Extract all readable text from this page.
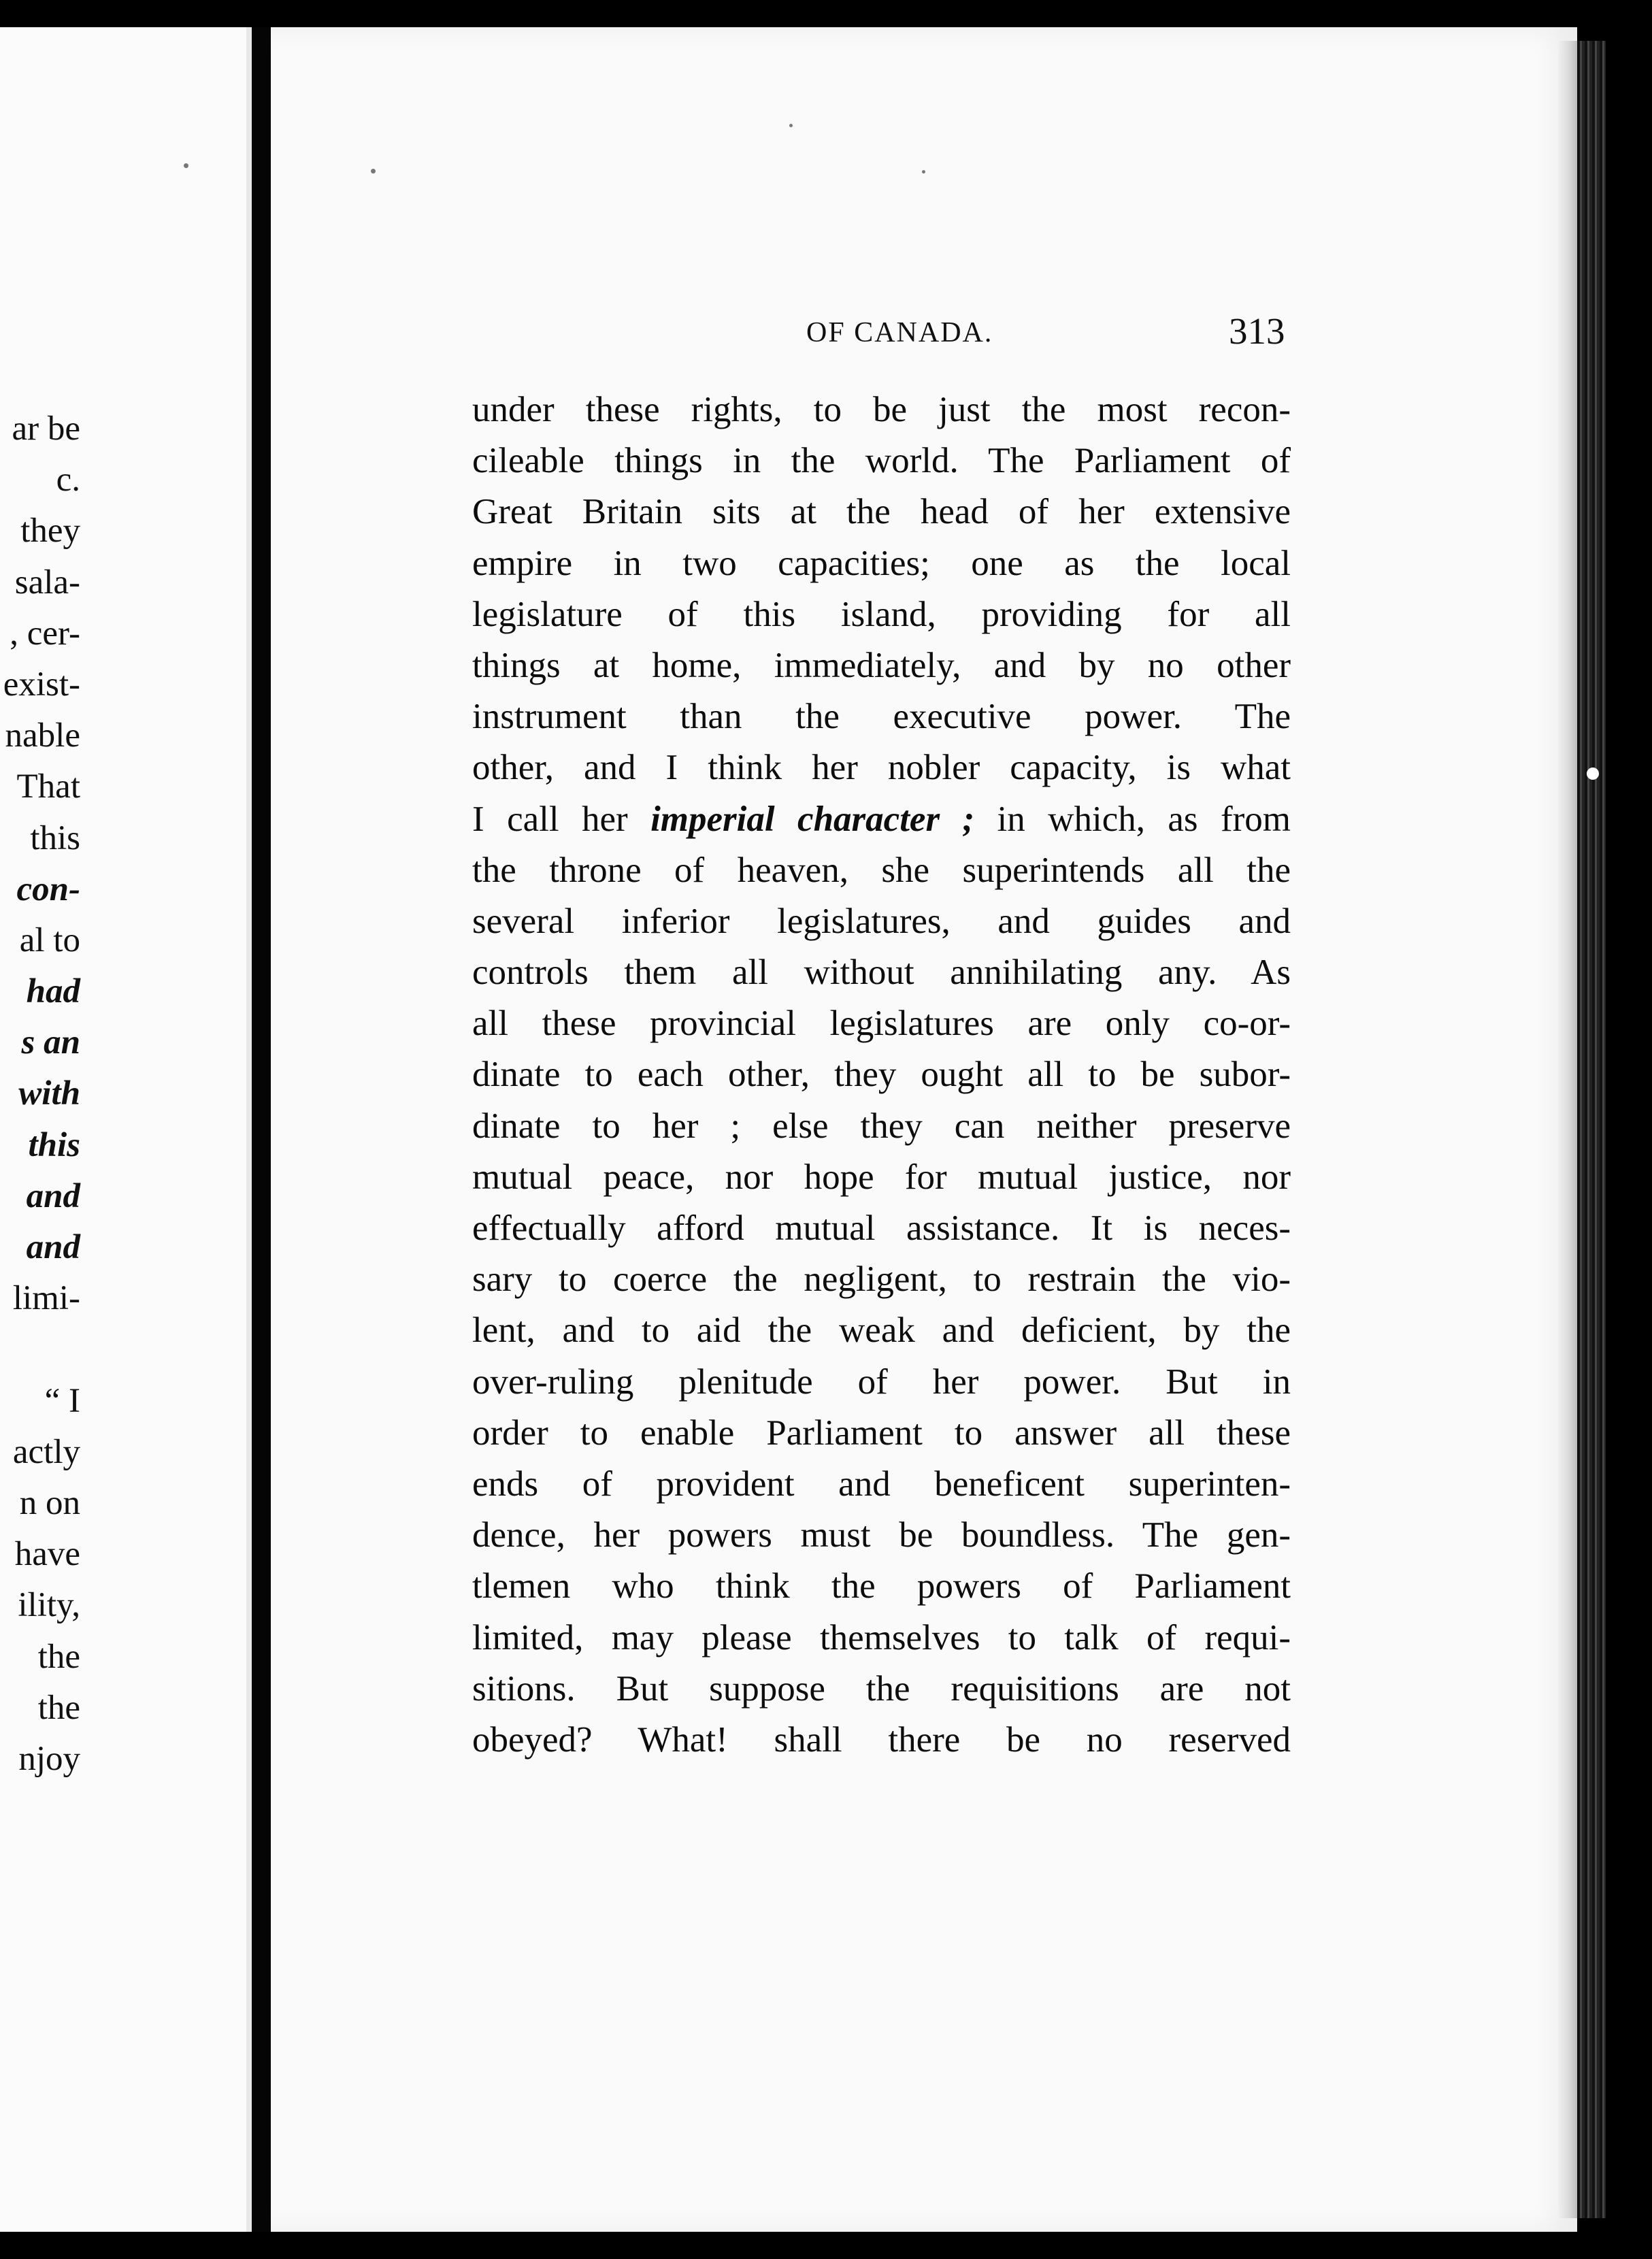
ar be
c.
they
sala-
, cer-
exist-
nable
That
this
con-
al to
had
s an
with
this
and
and
limi-
“ I
actly
n on
have
ility,
the
the
njoy
OF CANADA.	313
under these rights, to be just the most recon-
cileable things in the world. The Parliament of
Great Britain sits at the head of her extensive
empire in two capacities; one as the local
legislature of this island, providing for all
things at home, immediately, and by no other
instrument than the executive power. The
other, and I think her nobler capacity, is what
I call her imperial character ; in which, as from
the throne of heaven, she superintends all the
several inferior legislatures, and guides and
controls them all without annihilating any. As
all these provincial legislatures are only co-or-
dinate to each other, they ought all to be subor-
dinate to her ; else they can neither preserve
mutual peace, nor hope for mutual justice, nor
effectually afford mutual assistance. It is neces-
sary to coerce the negligent, to restrain the vio-
lent, and to aid the weak and deficient, by the
over-ruling plenitude of her power. But in
order to enable Parliament to answer all these
ends of provident and beneficent superinten-
dence, her powers must be boundless. The gen-
tlemen who think the powers of Parliament
limited, may please themselves to talk of requi-
sitions. But suppose the requisitions are not
obeyed? What! shall there be no reserved
